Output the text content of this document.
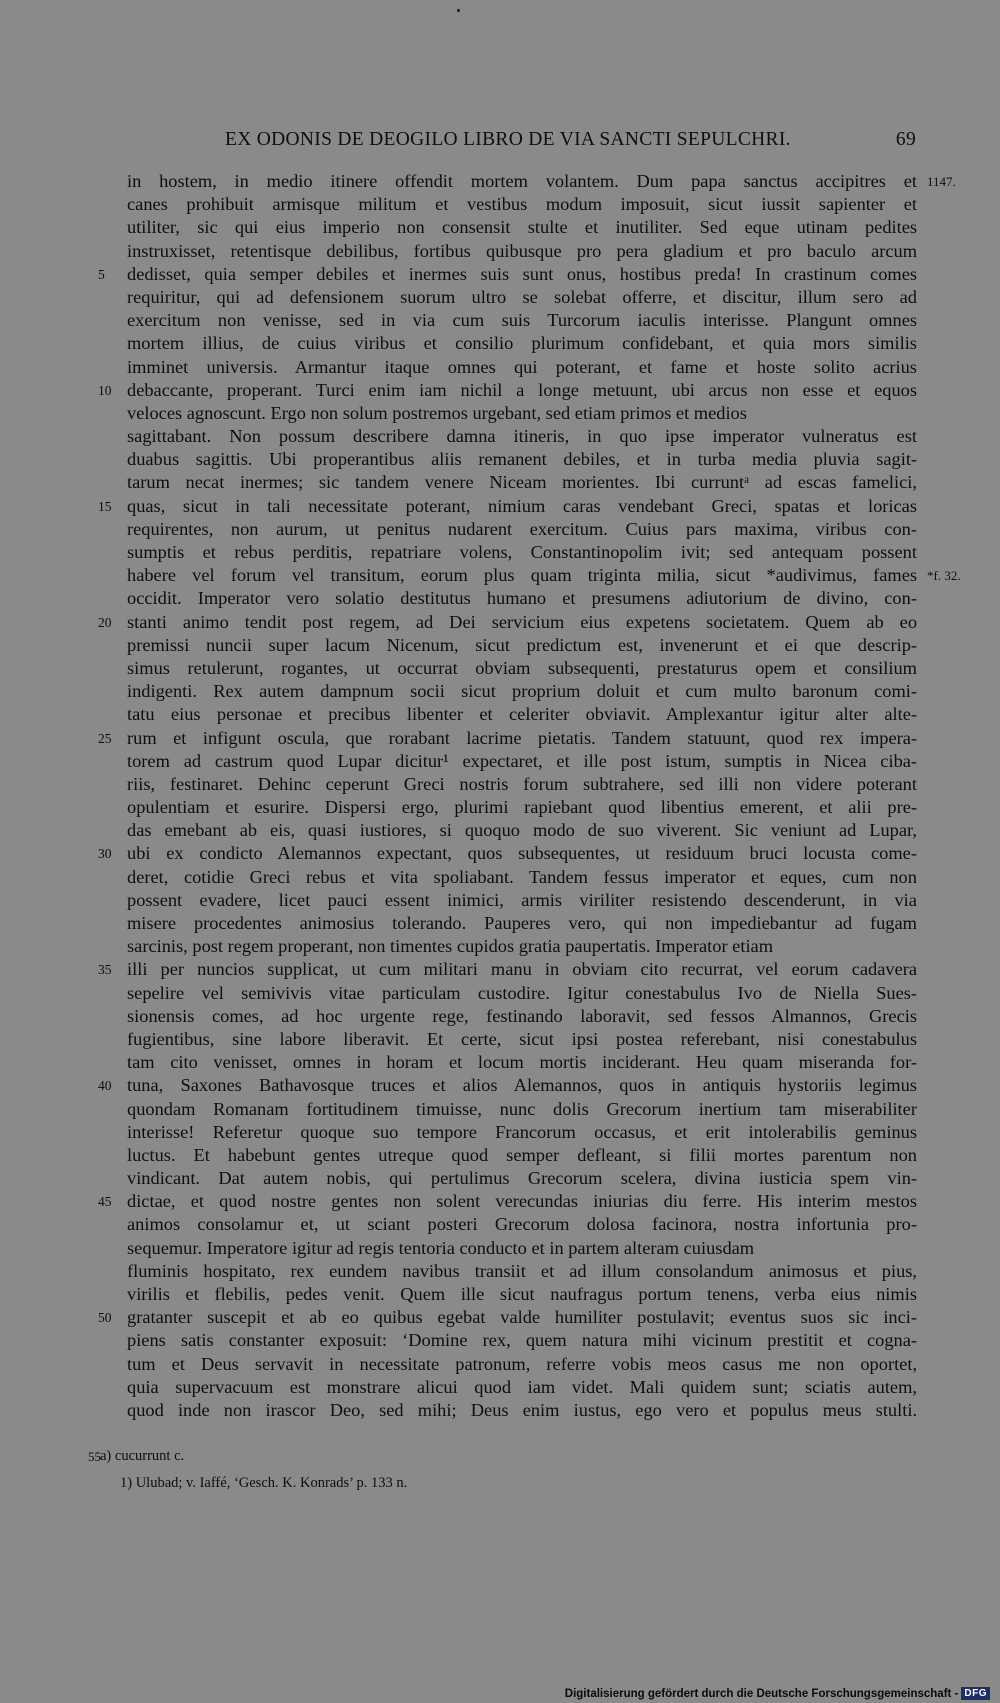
EX ODONIS DE DEOGILO LIBRO DE VIA SANCTI SEPULCHRI.	69
in hostem, in medio itinere offendit mortem volantem. Dum papa sanctus accipitres et 1147.
canes prohibuit armisque militum et vestibus modum imposuit, sicut iussit sapienter et
utiliter, sic qui eius imperio non consensit stulte et inutiliter. Sed eque utinam pedites
instruxisset, retentisque debilibus, fortibus quibusque pro pera gladium et pro baculo arcum
dedisset, quia semper debiles et inermes suis sunt onus, hostibus preda! In crastinum comes
5
requiritur, qui ad defensionem suorum ultro se solebat offerre, et discitur, illum sero ad
exercitum non venisse, sed in via cum suis Turcorum iaculis interisse. Plangunt omnes
mortem illius, de cuius viribus et consilio plurimum confidebant, et quia mors similis
imminet universis. Armantur itaque omnes qui poterant, et fame et hoste solito acrius
debaccante, properant. Turci enim iam nichil a longe metuunt, ubi arcus non esse et equos
10
veloces agnoscunt. Ergo non solum postremos urgebant, sed etiam primos et medios
sagittabant. Non possum describere damna itineris, in quo ipse imperator vulneratus est
duabus sagittis. Ubi properantibus aliis remanent debiles, et in turba media pluvia sagit-
tarum necat inermes; sic tandem venere Niceam morientes. Ibi curruntᵃ ad escas famelici,
quas, sicut in tali necessitate poterant, nimium caras vendebant Greci, spatas et loricas
15
requirentes, non aurum, ut penitus nudarent exercitum. Cuius pars maxima, viribus con-
sumptis et rebus perditis, repatriare volens, Constantinopolim ivit; sed antequam possent
habere vel forum vel transitum, eorum plus quam triginta milia, sicut *audivimus, fames *f. 32.
occidit. Imperator vero solatio destitutus humano et presumens adiutorium de divino, con-
stanti animo tendit post regem, ad Dei servicium eius expetens societatem. Quem ab eo
20
premissi nuncii super lacum Nicenum, sicut predictum est, invenerunt et ei que descrip-
simus retulerunt, rogantes, ut occurrat obviam subsequenti, prestaturus opem et consilium
indigenti. Rex autem dampnum socii sicut proprium doluit et cum multo baronum comi-
tatu eius personae et precibus libenter et celeriter obviavit. Amplexantur igitur alter alte-
rum et infigunt oscula, que rorabant lacrime pietatis. Tandem statuunt, quod rex impera-
25
torem ad castrum quod Lupar dicitur¹ expectaret, et ille post istum, sumptis in Nicea ciba-
riis, festinaret. Dehinc ceperunt Greci nostris forum subtrahere, sed illi non videre poterant
opulentiam et esurire. Dispersi ergo, plurimi rapiebant quod libentius emerent, et alii pre-
das emebant ab eis, quasi iustiores, si quoquo modo de suo viverent. Sic veniunt ad Lupar,
ubi ex condicto Alemannos expectant, quos subsequentes, ut residuum bruci locusta come-
30
deret, cotidie Greci rebus et vita spoliabant. Tandem fessus imperator et eques, cum non
possent evadere, licet pauci essent inimici, armis viriliter resistendo descenderunt, in via
misere procedentes animosius tolerando. Pauperes vero, qui non impediebantur ad fugam
sarcinis, post regem properant, non timentes cupidos gratia paupertatis. Imperator etiam
illi per nuncios supplicat, ut cum militari manu in obviam cito recurrat, vel eorum cadavera
35
sepelire vel semivivis vitae particulam custodire. Igitur conestabulus Ivo de Niella Sues-
sionensis comes, ad hoc urgente rege, festinando laboravit, sed fessos Almannos, Grecis
fugientibus, sine labore liberavit. Et certe, sicut ipsi postea referebant, nisi conestabulus
tam cito venisset, omnes in horam et locum mortis inciderant. Heu quam miseranda for-
tuna, Saxones Bathavosque truces et alios Alemannos, quos in antiquis hystoriis legimus
40
quondam Romanam fortitudinem timuisse, nunc dolis Grecorum inertium tam miserabiliter
interisse! Referetur quoque suo tempore Francorum occasus, et erit intolerabilis geminus
luctus. Et habebunt gentes utreque quod semper defleant, si filii mortes parentum non
vindicant. Dat autem nobis, qui pertulimus Grecorum scelera, divina iusticia spem vin-
dictae, et quod nostre gentes non solent verecundas iniurias diu ferre. His interim mestos
45
animos consolamur et, ut sciant posteri Grecorum dolosa facinora, nostra infortunia pro-
sequemur. Imperatore igitur ad regis tentoria conducto et in partem alteram cuiusdam
fluminis hospitato, rex eundem navibus transiit et ad illum consolandum animosus et pius,
virilis et flebilis, pedes venit. Quem ille sicut naufragus portum tenens, verba eius nimis
gratanter suscepit et ab eo quibus egebat valde humiliter postulavit; eventus suos sic inci-
50
piens satis constanter exposuit: ‘Domine rex, quem natura mihi vicinum prestitit et cogna-
tum et Deus servavit in necessitate patronum, referre vobis meos casus me non oportet,
quia supervacuum est monstrare alicui quod iam videt. Mali quidem sunt; sciatis autem,
quod inde non irascor Deo, sed mihi; Deus enim iustus, ego vero et populus meus stulti.
55 a) cucurrunt c.
1) Ulubad; v. Iaffé, ‘Gesch. K. Konrads’ p. 133 n.
Digitalisierung gefördert durch die Deutsche Forschungsgemeinschaft - DFG
